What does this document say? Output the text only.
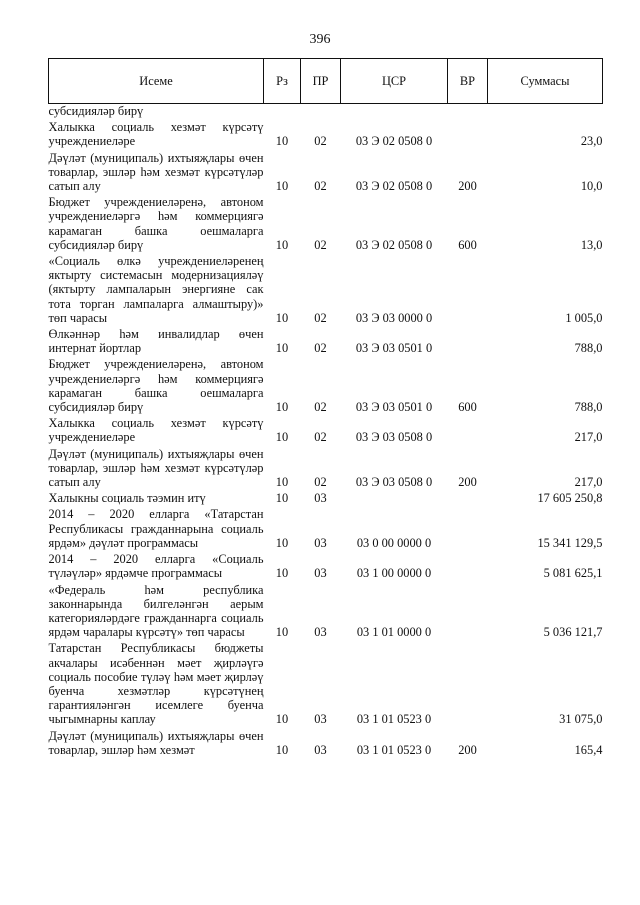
396
Исеме	Рз	ПР	ЦСР	ВР	Суммасы
субсидияләр бирү					
Халыкка социаль хезмәт күрсәтү учреждениеләре	10	02	03 Э 02 0508 0		23,0
Дәүләт (муниципаль) ихтыяҗлары өчен товарлар, эшләр һәм хезмәт күрсәтүләр сатып алу	10	02	03 Э 02 0508 0	200	10,0
Бюджет учреждениеләренә, автоном учреждениеләргә һәм коммерциягә карамаган башка оешмаларга субсидияләр бирү	10	02	03 Э 02 0508 0	600	13,0
«Социаль өлкә учреждениеләренең яктырту системасын модернизацияләү (яктырту лампаларын энергияне сак тота торган лампаларга алмаштыру)» төп чарасы	10	02	03 Э 03 0000 0		1 005,0
Өлкәннәр һәм инвалидлар өчен интернат йортлар	10	02	03 Э 03 0501 0		788,0
Бюджет учреждениеләренә, автоном учреждениеләргә һәм коммерциягә карамаган башка оешмаларга субсидияләр бирү	10	02	03 Э 03 0501 0	600	788,0
Халыкка социаль хезмәт күрсәтү учреждениеләре	10	02	03 Э 03 0508 0		217,0
Дәүләт (муниципаль) ихтыяҗлары өчен товарлар, эшләр һәм хезмәт күрсәтүләр сатып алу	10	02	03 Э 03 0508 0	200	217,0
Халыкны социаль тәэмин итү	10	03			17 605 250,8
2014 – 2020 елларга «Татарстан Республикасы гражданнарына социаль ярдәм» дәүләт программасы	10	03	03 0 00 0000 0		15 341 129,5
2014 – 2020 елларга «Социаль түләүләр» ярдәмче программасы	10	03	03 1 00 0000 0		5 081 625,1
«Федераль һәм республика законнарында билгеләнгән аерым категорияләрдәге гражданнарга социаль ярдәм чаралары күрсәтү» төп чарасы	10	03	03 1 01 0000 0		5 036 121,7
Татарстан Республикасы бюджеты акчалары исәбеннән мәет җирләүгә социаль пособие түләү һәм мәет җирләү буенча хезмәтләр күрсәтүнең гарантияләнгән исемлеге буенча чыгымнарны каплау	10	03	03 1 01 0523 0		31 075,0
Дәүләт (муниципаль) ихтыяҗлары өчен товарлар, эшләр һәм хезмәт	10	03	03 1 01 0523 0	200	165,4
